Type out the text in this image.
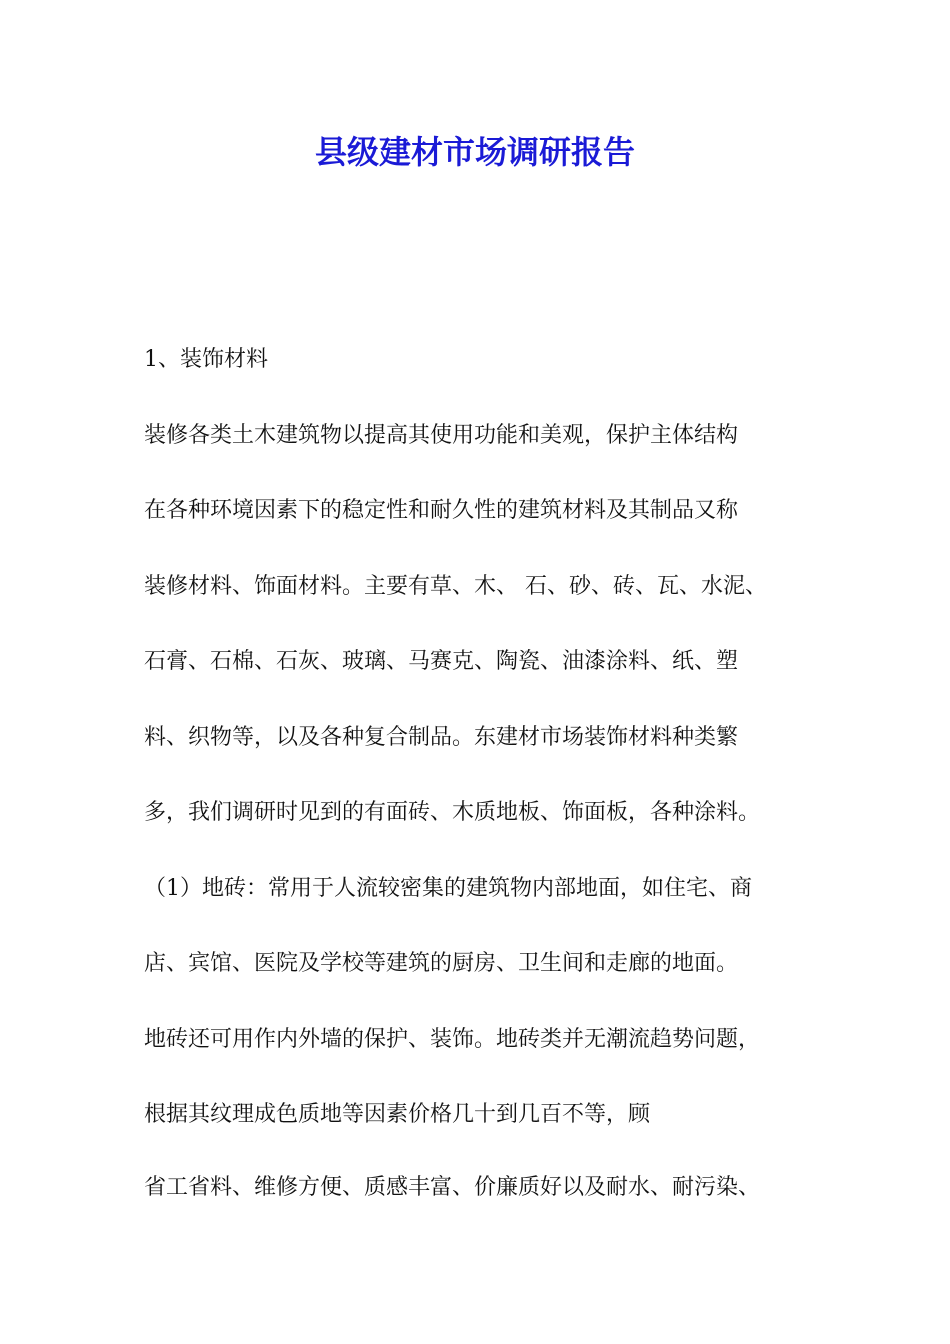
县级建材市场调研报告
1、装饰材料
装修各类土木建筑物以提高其使用功能和美观，保护主体结构
在各种环境因素下的稳定性和耐久性的建筑材料及其制品又称
装修材料、饰面材料。主要有草、木、 石、砂、砖、瓦、水泥、
石膏、石棉、石灰、玻璃、马赛克、陶瓷、油漆涂料、纸、塑
料、织物等，以及各种复合制品。东建材市场装饰材料种类繁
多，我们调研时见到的有面砖、木质地板、饰面板，各种涂料。
（1）地砖：常用于人流较密集的建筑物内部地面，如住宅、商
店、宾馆、医院及学校等建筑的厨房、卫生间和走廊的地面。
地砖还可用作内外墙的保护、装饰。地砖类并无潮流趋势问题，
根据其纹理成色质地等因素价格几十到几百不等，顾
省工省料、维修方便、质感丰富、价廉质好以及耐水、耐污染、
